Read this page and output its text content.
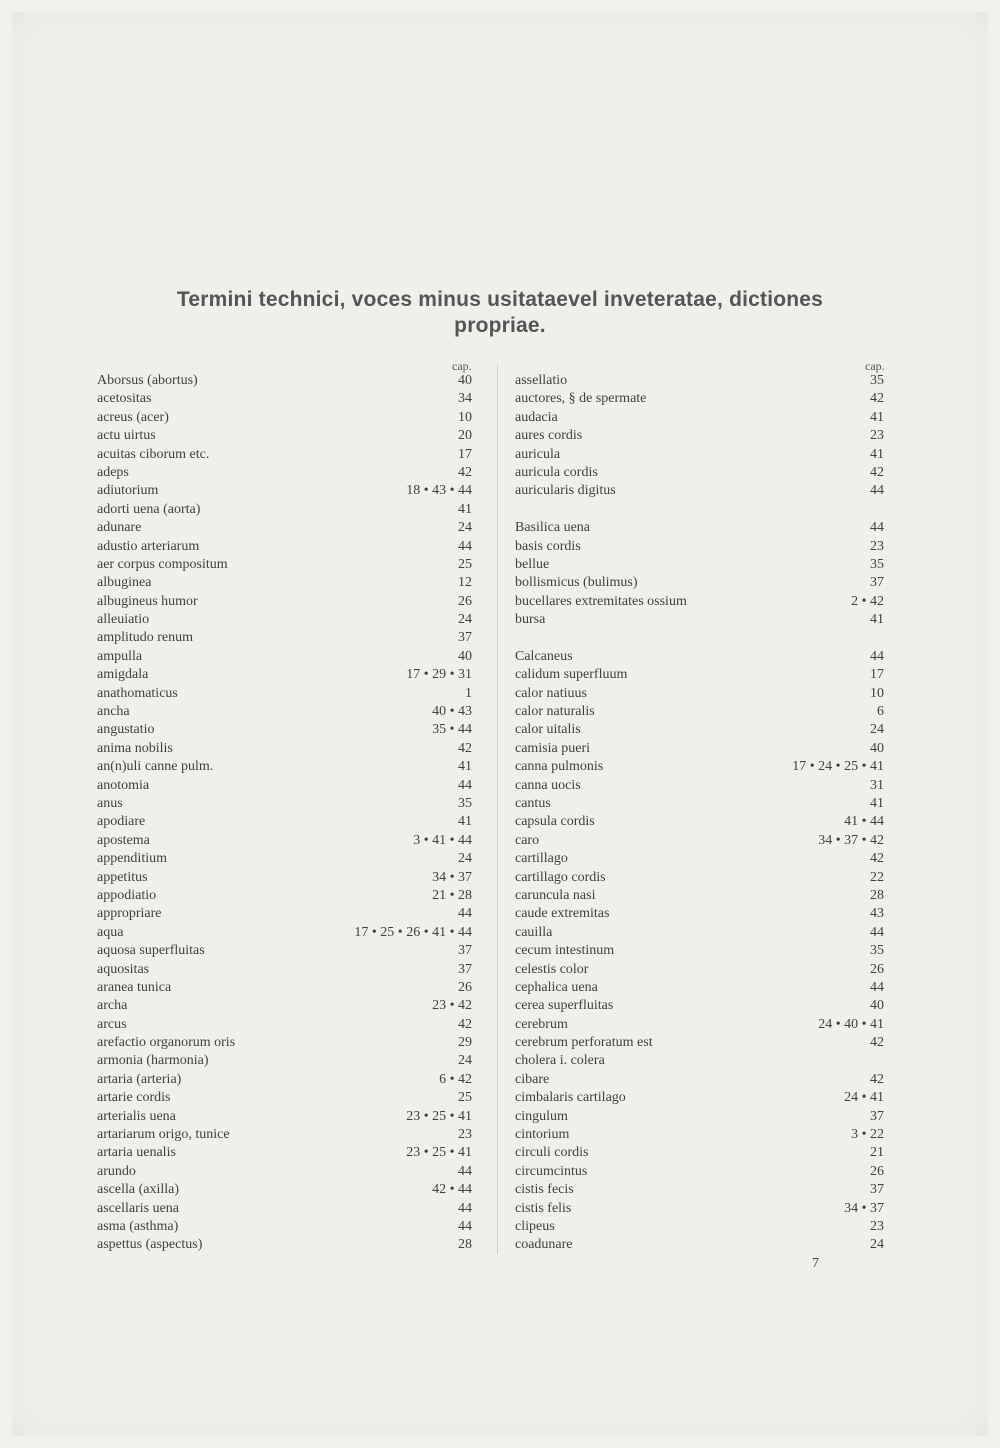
Termini technici, voces minus usitataevel inveteratae, dictiones
propriae.
cap.	cap.
Aborsus (abortus)	40
acetositas	34
acreus (acer)	10
actu uirtus	20
acuitas ciborum etc.	17
adeps	42
adiutorium	18 • 43 • 44
adorti uena (aorta)	41
adunare	24
adustio arteriarum	44
aer corpus compositum	25
albuginea	12
albugineus humor	26
alleuiatio	24
amplitudo renum	37
ampulla	40
amigdala	17 • 29 • 31
anathomaticus	1
ancha	40 • 43
angustatio	35 • 44
anima nobilis	42
an(n)uli canne pulm.	41
anotomia	44
anus	35
apodiare	41
apostema	3 • 41 • 44
appenditium	24
appetitus	34 • 37
appodiatio	21 • 28
appropriare	44
aqua	17 • 25 • 26 • 41 • 44
aquosa superfluitas	37
aquositas	37
aranea tunica	26
archa	23 • 42
arcus	42
arefactio organorum oris	29
armonia (harmonia)	24
artaria (arteria)	6 • 42
artarie cordis	25
arterialis uena	23 • 25 • 41
artariarum origo, tunice	23
artaria uenalis	23 • 25 • 41
arundo	44
ascella (axilla)	42 • 44
ascellaris uena	44
asma (asthma)	44
aspettus (aspectus)	28
assellatio	35
auctores, § de spermate	42
audacia	41
aures cordis	23
auricula	41
auricula cordis	42
auricularis digitus	44
Basilica uena	44
basis cordis	23
bellue	35
bollismicus (bulimus)	37
bucellares extremitates ossium	2 • 42
bursa	41
Calcaneus	44
calidum superfluum	17
calor natiuus	10
calor naturalis	6
calor uitalis	24
camisia pueri	40
canna pulmonis	17 • 24 • 25 • 41
canna uocis	31
cantus	41
capsula cordis	41 • 44
caro	34 • 37 • 42
cartillago	42
cartillago cordis	22
caruncula nasi	28
caude extremitas	43
cauilla	44
cecum intestinum	35
celestis color	26
cephalica uena	44
cerea superfluitas	40
cerebrum	24 • 40 • 41
cerebrum perforatum est	42
cholera i. colera
cibare	42
cimbalaris cartilago	24 • 41
cingulum	37
cintorium	3 • 22
circuli cordis	21
circumcintus	26
cistis fecis	37
cistis felis	34 • 37
clipeus	23
coadunare	24
7
